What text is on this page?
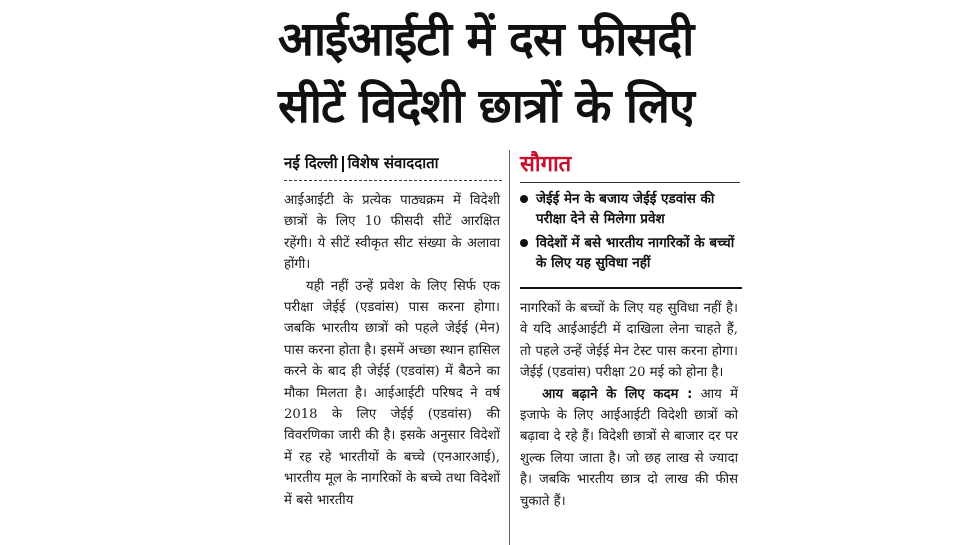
आईआईटी में दस फीसदी
सीटें विदेशी छात्रों के लिए
नई दिल्ली विशेष संवाददाता

आईआईटी के प्रत्येक पाठ्यक्रम में विदेशी छात्रों के लिए 10 फीसदी सीटें आरक्षित रहेंगी। ये सीटें स्वीकृत सीट संख्या के अलावा होंगी।

यही नहीं उन्हें प्रवेश के लिए सिर्फ एक परीक्षा जेईई (एडवांस) पास करना होगा। जबकि भारतीय छात्रों को पहले जेईई (मेन) पास करना होता है। इसमें अच्छा स्थान हासिल करने के बाद ही जेईई (एडवांस) में बैठने का मौका मिलता है। आईआईटी परिषद ने वर्ष 2018 के लिए जेईई (एडवांस) की विवरणिका जारी की है। इसके अनुसार विदेशों में रह रहे भारतीयों के बच्चे (एनआरआई), भारतीय मूल के नागरिकों के बच्चे तथा विदेशों में बसे भारतीय

सौगात
जेईई मेन के बजाय जेईई एडवांस की परीक्षा देने से मिलेगा प्रवेश
विदेशों में बसे भारतीय नागरिकों के बच्चों के लिए यह सुविधा नहीं

नागरिकों के बच्चों के लिए यह सुविधा नहीं है। वे यदि आईआईटी में दाखिला लेना चाहते हैं, तो पहले उन्हें जेईई मेन टेस्ट पास करना होगा। जेईई (एडवांस) परीक्षा 20 मई को होना है।

आय बढ़ाने के लिए कदम : आय में इजाफे के लिए आईआईटी विदेशी छात्रों को बढ़ावा दे रहे हैं। विदेशी छात्रों से बाजार दर पर शुल्क लिया जाता है। जो छह लाख से ज्यादा है। जबकि भारतीय छात्र दो लाख की फीस चुकाते हैं।
